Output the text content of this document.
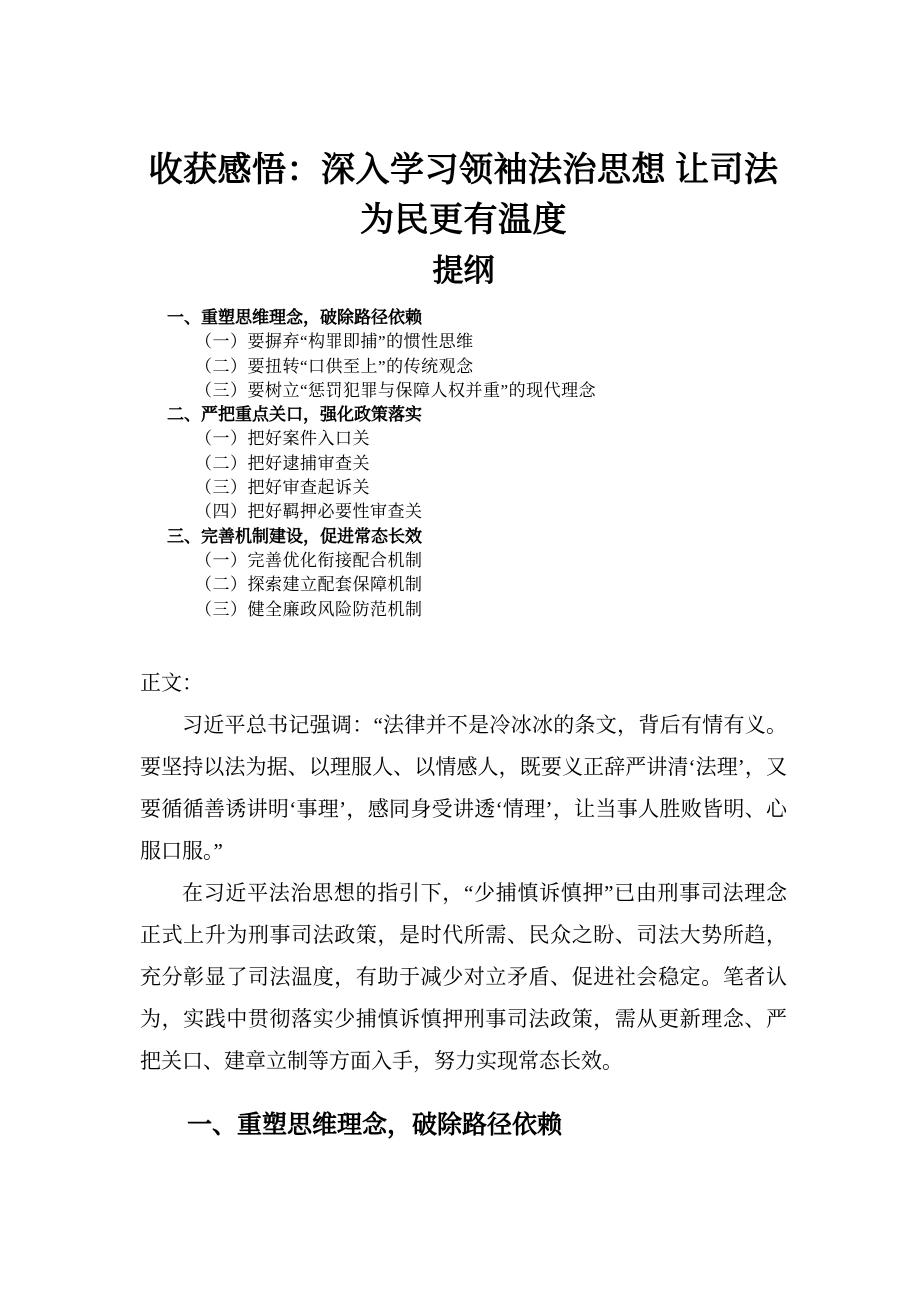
收获感悟：深入学习领袖法治思想 让司法为民更有温度
提纲
一、重塑思维理念，破除路径依赖
（一）要摒弃“构罪即捕”的惯性思维
（二）要扭转“口供至上”的传统观念
（三）要树立“惩罚犯罪与保障人权并重”的现代理念
二、严把重点关口，强化政策落实
（一）把好案件入口关
（二）把好逮捕审查关
（三）把好审查起诉关
（四）把好羁押必要性审查关
三、完善机制建设，促进常态长效
（一）完善优化衔接配合机制
（二）探索建立配套保障机制
（三）健全廉政风险防范机制
正文：

习近平总书记强调：“法律并不是冷冰冰的条文，背后有情有义。要坚持以法为据、以理服人、以情感人，既要义正辞严讲清‘法理’，又要循循善诱讲明‘事理’，感同身受讲透‘情理’，让当事人胜败皆明、心服口服。”

在习近平法治思想的指引下，“少捕慎诉慎押”已由刑事司法理念正式上升为刑事司法政策，是时代所需、民众之盼、司法大势所趋，充分彰显了司法温度，有助于减少对立矛盾、促进社会稳定。笔者认为，实践中贯彻落实少捕慎诉慎押刑事司法政策，需从更新理念、严把关口、建章立制等方面入手，努力实现常态长效。

一、重塑思维理念，破除路径依赖
